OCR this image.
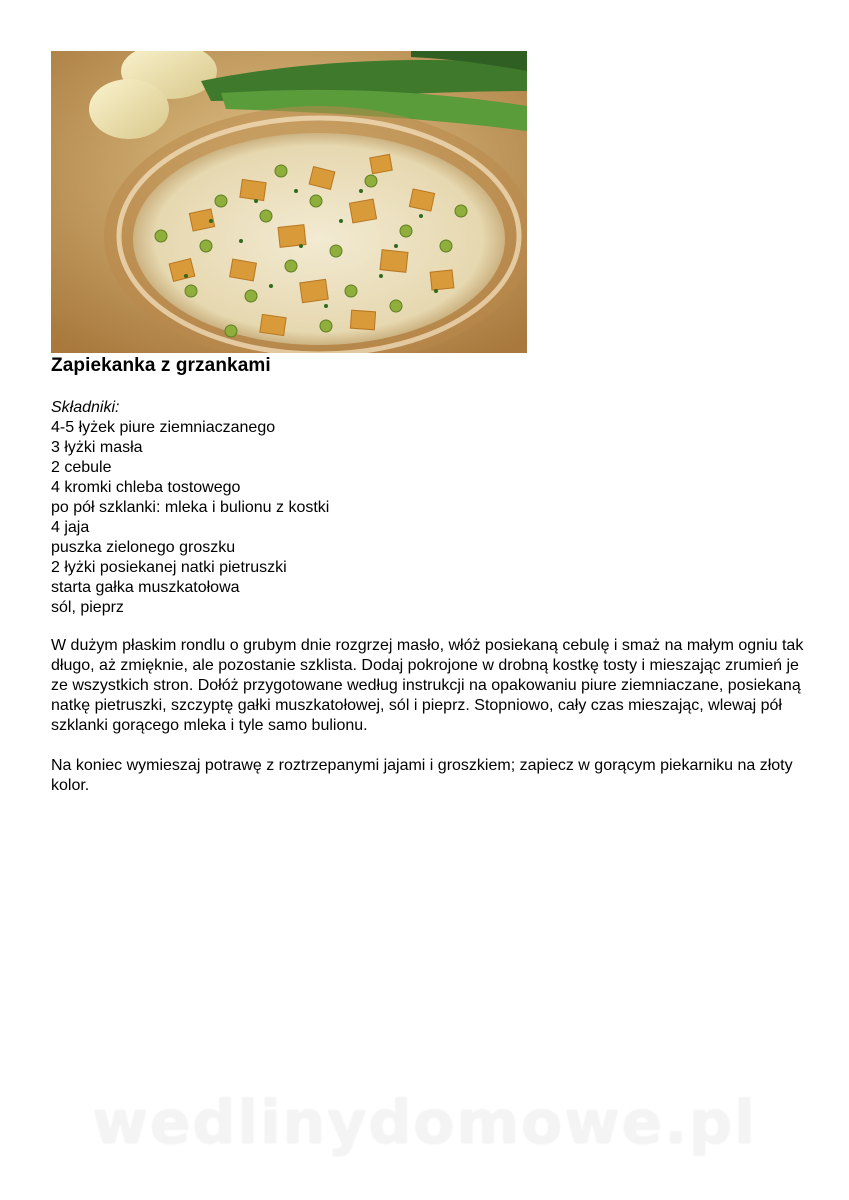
Zapiekanka z grzankami
Składniki:
4-5 łyżek piure ziemniaczanego
3 łyżki masła
2 cebule
4 kromki chleba tostowego
po pół szklanki: mleka i bulionu z kostki
4 jaja
puszka zielonego groszku
2 łyżki posiekanej natki pietruszki
starta gałka muszkatołowa
sól, pieprz

W dużym płaskim rondlu o grubym dnie rozgrzej masło, włóż posiekaną cebulę i smaż na małym ogniu tak długo, aż zmięknie, ale pozostanie szklista. Dodaj pokrojone w drobną kostkę tosty i mieszając zrumień je ze wszystkich stron. Dołóż przygotowane według instrukcji na opakowaniu piure ziemniaczane, posiekaną natkę pietruszki, szczyptę gałki muszkatołowej, sól i pieprz. Stopniowo, cały czas mieszając, wlewaj pół szklanki gorącego mleka i tyle samo bulionu.

Na koniec wymieszaj potrawę z roztrzepanymi jajami i groszkiem; zapiecz w gorącym piekarniku na złoty kolor.

wedlinydomowe.pl
